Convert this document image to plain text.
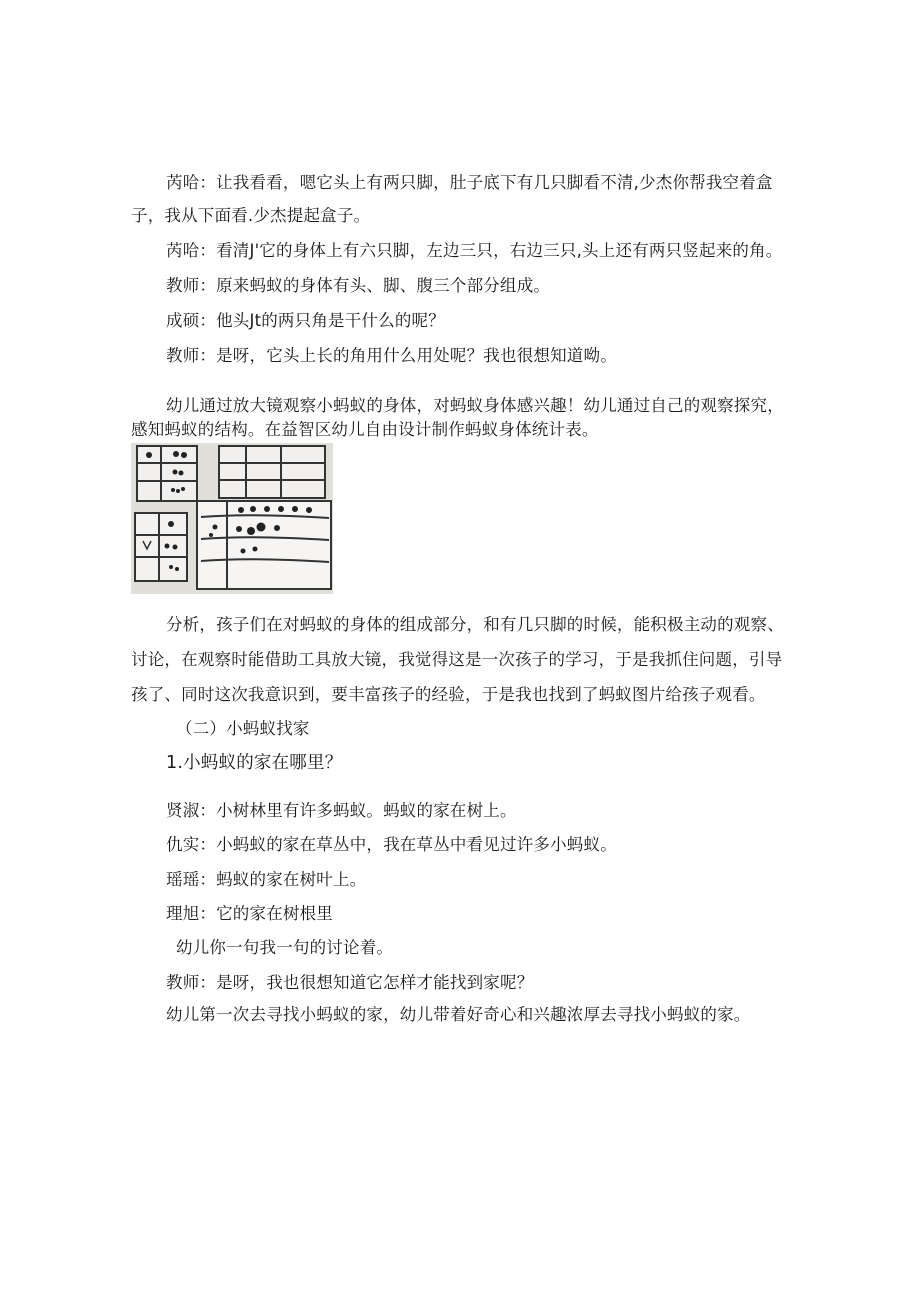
芮哈：让我看看，嗯它头上有两只脚，肚子底下有几只脚看不清,少杰你帮我空着盒
子，我从下面看.少杰提起盒子。
芮哈：看清J'它的身体上有六只脚，左边三只，右边三只,头上还有两只竖起来的角。
教师：原来蚂蚁的身体有头、脚、腹三个部分组成。
成硕：他头Jt的两只角是干什么的呢？
教师：是呀，它头上长的角用什么用处呢？我也很想知道呦。
幼儿通过放大镜观察小蚂蚁的身体，对蚂蚁身体感兴趣！幼儿通过自己的观察探究，
感知蚂蚁的结构。在益智区幼儿自由设计制作蚂蚁身体统计表。
分析，孩子们在对蚂蚁的身体的组成部分，和有几只脚的时候，能积极主动的观察、
讨论，在观察时能借助工具放大镜，我觉得这是一次孩子的学习，于是我抓住问题，引导
孩了、同时这次我意识到，要丰富孩子的经验，于是我也找到了蚂蚁图片给孩子观看。
（二）小蚂蚁找家
1.小蚂蚁的家在哪里？
贤淑：小树林里有许多蚂蚁。蚂蚁的家在树上。
仇实：小蚂蚁的家在草丛中，我在草丛中看见过许多小蚂蚁。
瑶瑶：蚂蚁的家在树叶上。
理旭：它的家在树根里
幼儿你一句我一句的讨论着。
教师：是呀，我也很想知道它怎样才能找到家呢？
幼儿第一次去寻找小蚂蚁的家，幼儿带着好奇心和兴趣浓厚去寻找小蚂蚁的家。
